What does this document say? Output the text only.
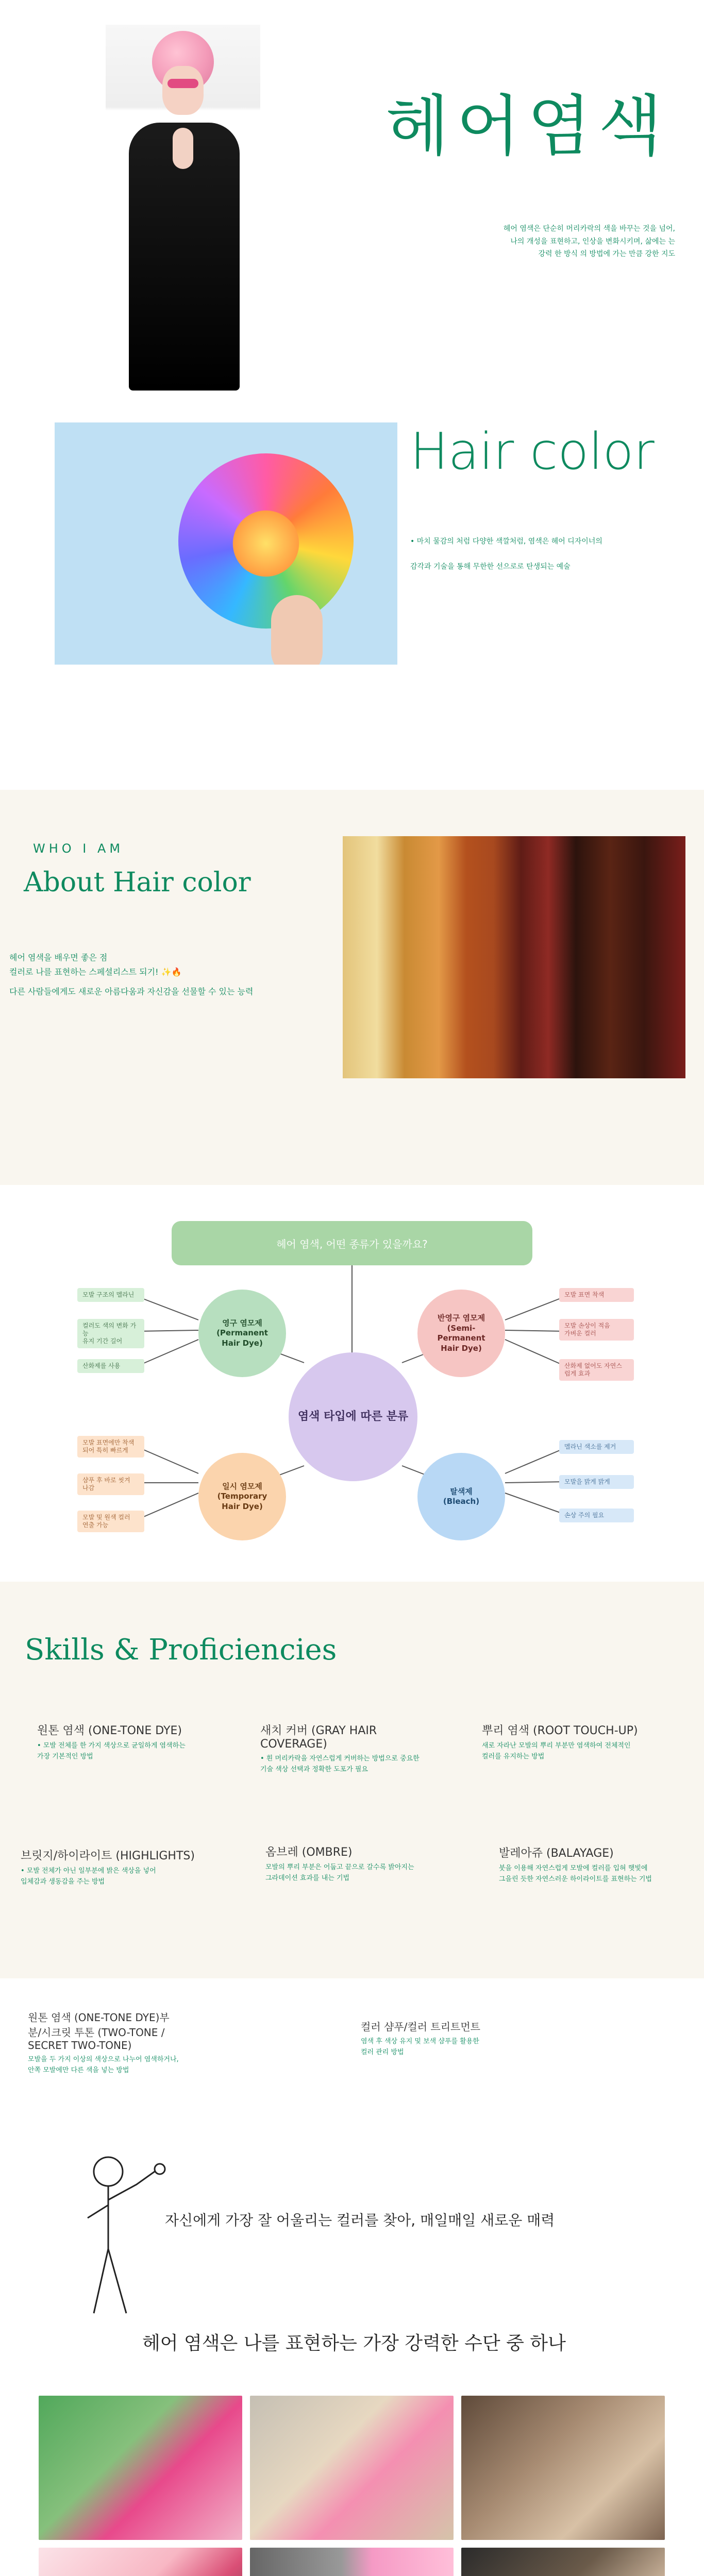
헤어염색
헤어 염색은 단순히 머리카락의 색을 바꾸는 것을 넘어,
나의 개성을 표현하고, 인상을 변화시키며, 삶에는 는
강력 한 방식 의 방법에 가는 만큼 강한 지도
Hair color

• 마치 물감의 처럼 다양한 색깔처럼, 염색은 헤어 디자이너의

감각과 기술을 통해 무한한 선으로로 탄생되는 예술

WHO I AM
About Hair color
헤어 염색을 배우면 좋은 점
컬러로 나를 표현하는 스페셜리스트 되기! ✨🔥
다른 사람들에게도 새로운 아름다움과 자신감을 선물할 수 있는 능력
헤어 염색, 어떤 종류가 있을까요?
염색 타입에 따른 분류
영구 염모제
(Permanent
Hair Dye)
반영구 염모제
(Semi-
Permanent
Hair Dye)
일시 염모제
(Temporary
Hair Dye)
탈색제
(Bleach)
모발 구조의 멜라닌
컬러도 색의 변화 가능
유지 기간 길어
산화제를 사용
모발 표면 착색
모발 손상이 적음
가벼운 컬러
산화제 없어도 자연스
럽게 효과
모발 표면에만 착색
되어 특히 빠르게
샴푸 후 바로 씻겨
나감
모발 및 원색 컬러
연출 가능
멜라닌 색소를 제거
모발을 밝게 밝게
손상 주의 필요
Skills & Proficiencies
원톤 염색 (ONE-TONE DYE)
• 모발 전체를 한 가지 색상으로 균일하게 염색하는
가장 기본적인 방법
새치 커버 (GRAY HAIR
COVERAGE)
• 흰 머리카락을 자연스럽게 커버하는 방법으로 중요한
기술 색상 선택과 정확한 도포가 필요
뿌리 염색 (ROOT TOUCH-UP)
새로 자라난 모발의 뿌리 부분만 염색하여 전체적인
컬러를 유지하는 방법
브릿지/하이라이트 (HIGHLIGHTS)
• 모발 전체가 아닌 일부분에 밝은 색상을 넣어
입체감과 생동감을 주는 방법
옴브레 (OMBRE)
모발의 뿌리 부분은 어둡고 끝으로 갈수록 밝아지는
그라데이션 효과를 내는 기법
발레아쥬 (BALAYAGE)
붓을 이용해 자연스럽게 모발에 컬러를 입혀 햇빛에
그을린 듯한 자연스러운 하이라이트를 표현하는 기법
원톤 염색 (ONE-TONE DYE)부
분/시크릿 투톤 (TWO-TONE /
SECRET TWO-TONE)
모발을 두 가지 이상의 색상으로 나누어 염색하거나,
안쪽 모발에만 다른 색을 넣는 방법
컬러 샴푸/컬러 트리트먼트
염색 후 색상 유지 및 보색 샴푸를 활용한
컬러 관리 방법
자신에게 가장 잘 어울리는 컬러를 찾아, 매일매일 새로운 매력
헤어 염색은 나를 표현하는 가장 강력한 수단 중 하나
